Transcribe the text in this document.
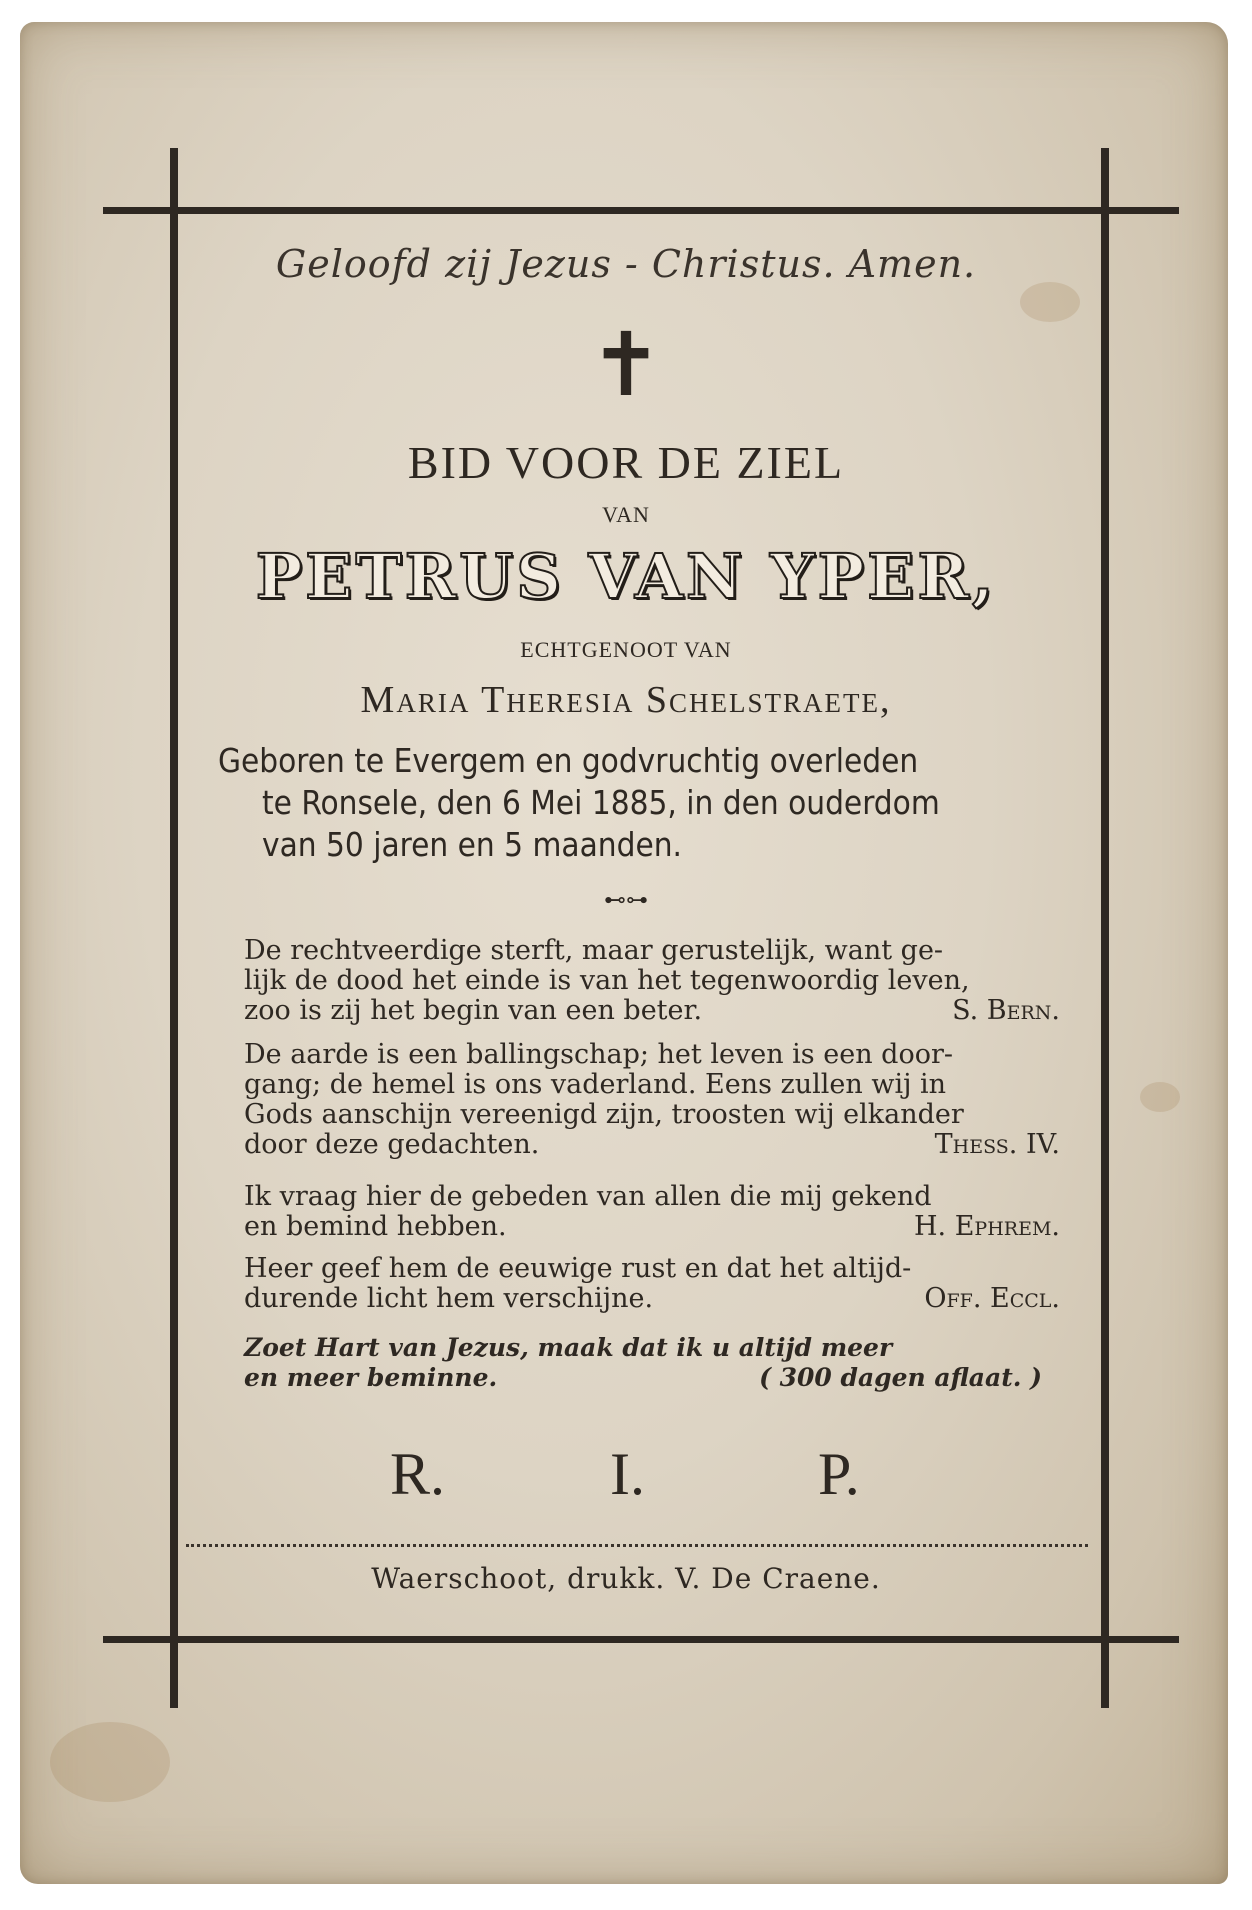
Geloofd zij Jezus - Christus. Amen.
✝
BID VOOR DE ZIEL
VAN
PETRUS VAN YPER,
ECHTGENOOT VAN
Maria Theresia Schelstraete,
Geboren te Evergem en godvruchtig overleden
te Ronsele, den 6 Mei 1885, in den ouderdom
van 50 jaren en 5 maanden.
⊷⊶
De rechtveerdige sterft, maar gerustelijk, want ge-
lijk de dood het einde is van het tegenwoordig leven,
zoo is zij het begin van een beter.	S. Bern.
De aarde is een ballingschap; het leven is een door-
gang; de hemel is ons vaderland. Eens zullen wij in
Gods aanschijn vereenigd zijn, troosten wij elkander
door deze gedachten.	Thess. IV.
Ik vraag hier de gebeden van allen die mij gekend
en bemind hebben.	H. Ephrem.
Heer geef hem de eeuwige rust en dat het altijd-
durende licht hem verschijne.	Off. Eccl.
Zoet Hart van Jezus, maak dat ik u altijd meer
en meer beminne.	( 300 dagen aflaat. )
R.	I.	P.
Waerschoot, drukk. V. De Craene.
